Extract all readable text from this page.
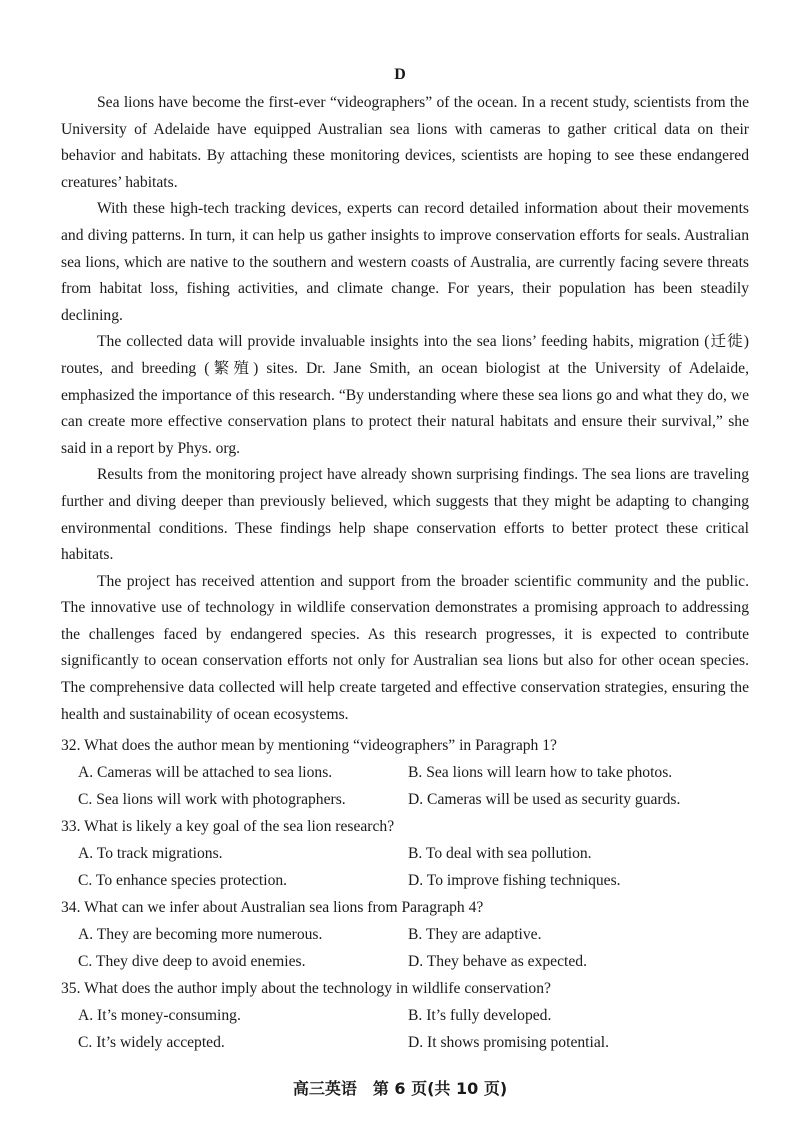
D

Sea lions have become the first-ever “videographers” of the ocean. In a recent study, scientists from the University of Adelaide have equipped Australian sea lions with cameras to gather critical data on their behavior and habitats. By attaching these monitoring devices, scientists are hoping to see these endangered creatures’ habitats.

With these high-tech tracking devices, experts can record detailed information about their movements and diving patterns. In turn, it can help us gather insights to improve conservation efforts for seals. Australian sea lions, which are native to the southern and western coasts of Australia, are currently facing severe threats from habitat loss, fishing activities, and climate change. For years, their population has been steadily declining.

The collected data will provide invaluable insights into the sea lions’ feeding habits, migration (迁徙) routes, and breeding (繁殖) sites. Dr. Jane Smith, an ocean biologist at the University of Adelaide, emphasized the importance of this research. “By understanding where these sea lions go and what they do, we can create more effective conservation plans to protect their natural habitats and ensure their survival,” she said in a report by Phys. org.

Results from the monitoring project have already shown surprising findings. The sea lions are traveling further and diving deeper than previously believed, which suggests that they might be adapting to changing environmental conditions. These findings help shape conservation efforts to better protect these critical habitats.

The project has received attention and support from the broader scientific community and the public. The innovative use of technology in wildlife conservation demonstrates a promising approach to addressing the challenges faced by endangered species. As this research progresses, it is expected to contribute significantly to ocean conservation efforts not only for Australian sea lions but also for other ocean species. The comprehensive data collected will help create targeted and effective conservation strategies, ensuring the health and sustainability of ocean ecosystems.

32. What does the author mean by mentioning “videographers” in Paragraph 1?
A. Cameras will be attached to sea lions.	B. Sea lions will learn how to take photos.
C. Sea lions will work with photographers.	D. Cameras will be used as security guards.
33. What is likely a key goal of the sea lion research?
A. To track migrations.	B. To deal with sea pollution.
C. To enhance species protection.	D. To improve fishing techniques.
34. What can we infer about Australian sea lions from Paragraph 4?
A. They are becoming more numerous.	B. They are adaptive.
C. They dive deep to avoid enemies.	D. They behave as expected.
35. What does the author imply about the technology in wildlife conservation?
A. It’s money-consuming.	B. It’s fully developed.
C. It’s widely accepted.	D. It shows promising potential.
高三英语　第 6 页(共 10 页)
